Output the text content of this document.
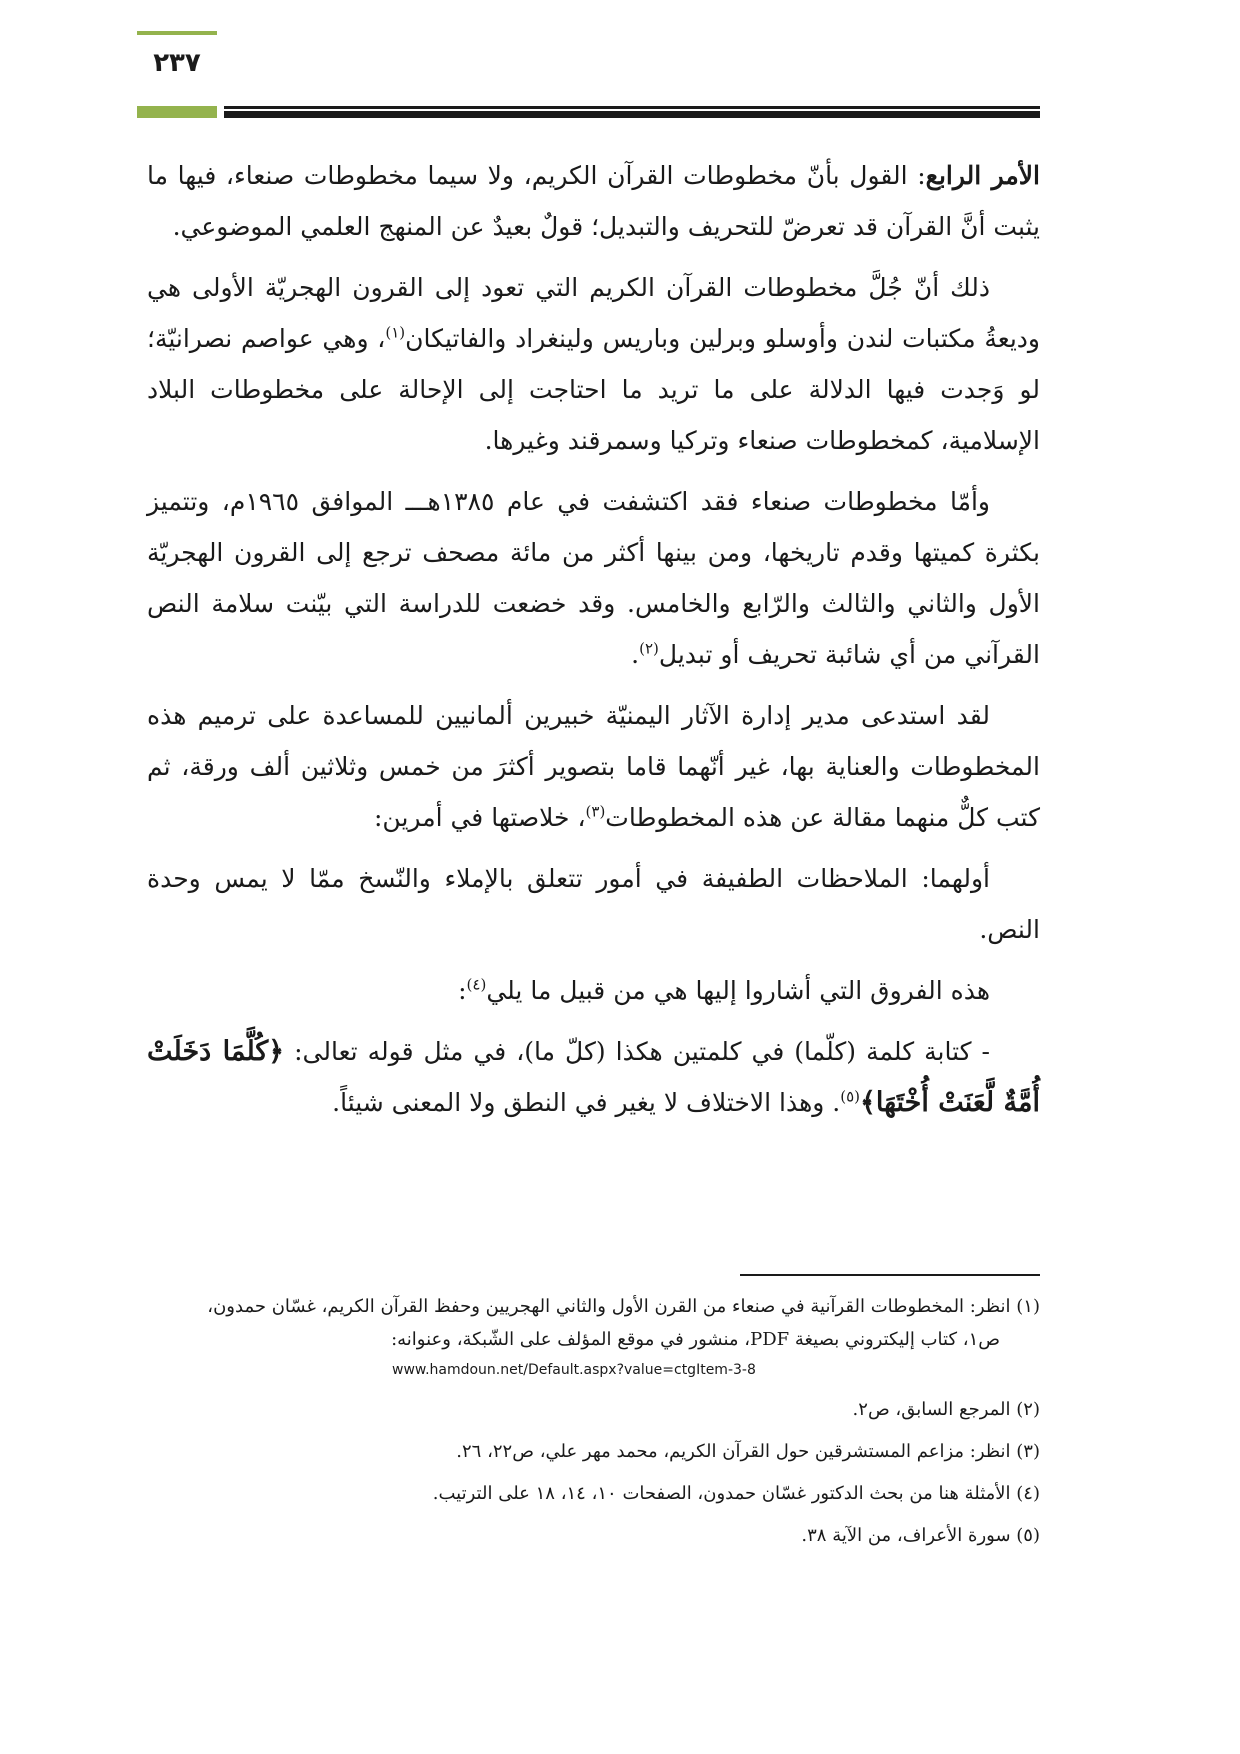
٢٣٧

الأمر الرابع: القول بأنّ مخطوطات القرآن الكريم، ولا سيما مخطوطات صنعاء، فيها ما يثبت أنَّ القرآن قد تعرضّ للتحريف والتبديل؛ قولٌ بعيدٌ عن المنهج العلمي الموضوعي.

ذلك أنّ جُلَّ مخطوطات القرآن الكريم التي تعود إلى القرون الهجريّة الأولى هي وديعةُ مكتبات لندن وأوسلو وبرلين وباريس ولينغراد والفاتيكان$^{(١)}$، وهي عواصم نصرانيّة؛ لو وَجدت فيها الدلالة على ما تريد ما احتاجت إلى الإحالة على مخطوطات البلاد الإسلامية، كمخطوطات صنعاء وتركيا وسمرقند وغيرها.

وأمّا مخطوطات صنعاء فقد اكتشفت في عام ١٣٨٥هـــ الموافق ١٩٦٥م، وتتميز بكثرة كميتها وقدم تاريخها، ومن بينها أكثر من مائة مصحف ترجع إلى القرون الهجريّة الأول والثاني والثالث والرّابع والخامس. وقد خضعت للدراسة التي بيّنت سلامة النص القرآني من أي شائبة تحريف أو تبديل$^{(٢)}$.

لقد استدعى مدير إدارة الآثار اليمنيّة خبيرين ألمانيين للمساعدة على ترميم هذه المخطوطات والعناية بها، غير أنّهما قاما بتصوير أكثرَ من خمس وثلاثين ألف ورقة، ثم كتب كلٌّ منهما مقالة عن هذه المخطوطات$^{(٣)}$، خلاصتها في أمرين:

أولهما: الملاحظات الطفيفة في أمور تتعلق بالإملاء والنّسخ ممّا لا يمس وحدة النص.

هذه الفروق التي أشاروا إليها هي من قبيل ما يلي$^{(٤)}$:

- كتابة كلمة (كلّما) في كلمتين هكذا (كلّ ما)، في مثل قوله تعالى: ﴿كُلَّمَا دَخَلَتْ أُمَّةٌ لَّعَنَتْ أُخْتَهَا﴾$^{(٥)}$. وهذا الاختلاف لا يغير في النطق ولا المعنى شيئاً.

(١) انظر: المخطوطات القرآنية في صنعاء من القرن الأول والثاني الهجريين وحفظ القرآن الكريم، غسّان حمدون،
ص١، كتاب إليكتروني بصيغة PDF، منشور في موقع المؤلف على الشّبكة، وعنوانه:
www.hamdoun.net/Default.aspx?value=ctgItem-3-8
(٢) المرجع السابق، ص٢.
(٣) انظر: مزاعم المستشرقين حول القرآن الكريم، محمد مهر علي، ص٢٢، ٢٦.
(٤) الأمثلة هنا من بحث الدكتور غسّان حمدون، الصفحات ١٠، ١٤، ١٨ على الترتيب.
(٥) سورة الأعراف، من الآية ٣٨.
